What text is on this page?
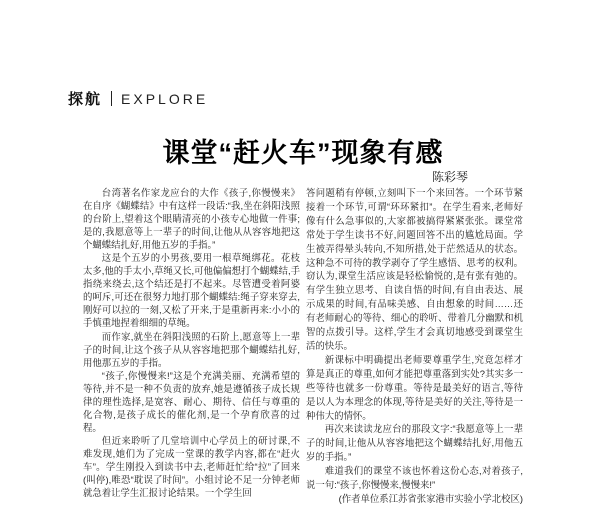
探航 EXPLORE
课堂“赶火车”现象有感
陈彩琴

台湾著名作家龙应台的大作《孩子,你慢慢来》在自序《蝴蝶结》中有这样一段话:“我,坐在斜阳浅照的台阶上,望着这个眼睛清亮的小孩专心地做一件事;是的,我愿意等上一辈子的时间,让他从从容容地把这个蝴蝶结扎好,用他五岁的手指。”

这是个五岁的小男孩,要用一根草绳绑花。花枝太多,他的手太小,草绳又长,可他偏偏想打个蝴蝶结,手指绕来绕去,这个结还是打不起来。尽管遭受着阿婆的呵斥,可还在很努力地打那个蝴蝶结:绳子穿来穿去,刚好可以拉的一刻,又松了开来,于是重新再来:小小的手慎重地捏着细细的草绳。

而作家,就坐在斜阳浅照的石阶上,愿意等上一辈子的时间,让这个孩子从从容容地把那个蝴蝶结扎好,用他那五岁的手指。

“孩子,你慢慢来!”这是个充满美丽、充满希望的等待,并不是一种不负责的放弃,她是遵循孩子成长规律的理性选择,是宽容、耐心、期待、信任与尊重的化合物,是孩子成长的催化剂,是一个孕育欣喜的过程。

但近来聆听了几堂培训中心学员上的研讨课,不难发现,她们为了完成一堂课的教学内容,都在“赶火车”。学生刚投入到读书中去,老师赶忙给“拉”了回来(叫停),唯恐“耽误了时间”。小组讨论不足一分钟老师就急着让学生汇报讨论结果。一个学生回

答问题稍有停顿,立刻叫下一个来回答。一个环节紧接着一个环节,可谓“环环紧扣”。在学生看来,老师好像有什么急事似的,大家都被搞得紧紧张张。课堂常常处于学生读书不好,问题回答不出的尴尬局面。学生被弄得晕头转向,不知所措,处于茫然适从的状态。这种急不可待的教学剥夺了学生感悟、思考的权利。窃认为,课堂生活应该是轻松愉悦的,是有张有弛的。有学生独立思考、自读自悟的时间,有自由表达、展示成果的时间,有品味美感、自由想象的时间……还有老师耐心的等待、细心的聆听、带着几分幽默和机智的点拨引导。这样,学生才会真切地感受到课堂生活的快乐。

新课标中明确提出老师要尊重学生,究竟怎样才算是真正的尊重,如何才能把尊重落到实处?其实多一些等待也就多一份尊重。等待是最美好的语言,等待是以人为本理念的体现,等待是美好的关注,等待是一种伟大的情怀。

再次来读读龙应台的那段文字:“我愿意等上一辈子的时间,让他从从容容地把这个蝴蝶结扎好,用他五岁的手指。”

难道我们的课堂不该也怀着这份心态,对着孩子,说一句:“孩子,你慢慢来,慢慢来!”

(作者单位系江苏省张家港市实验小学北校区)
